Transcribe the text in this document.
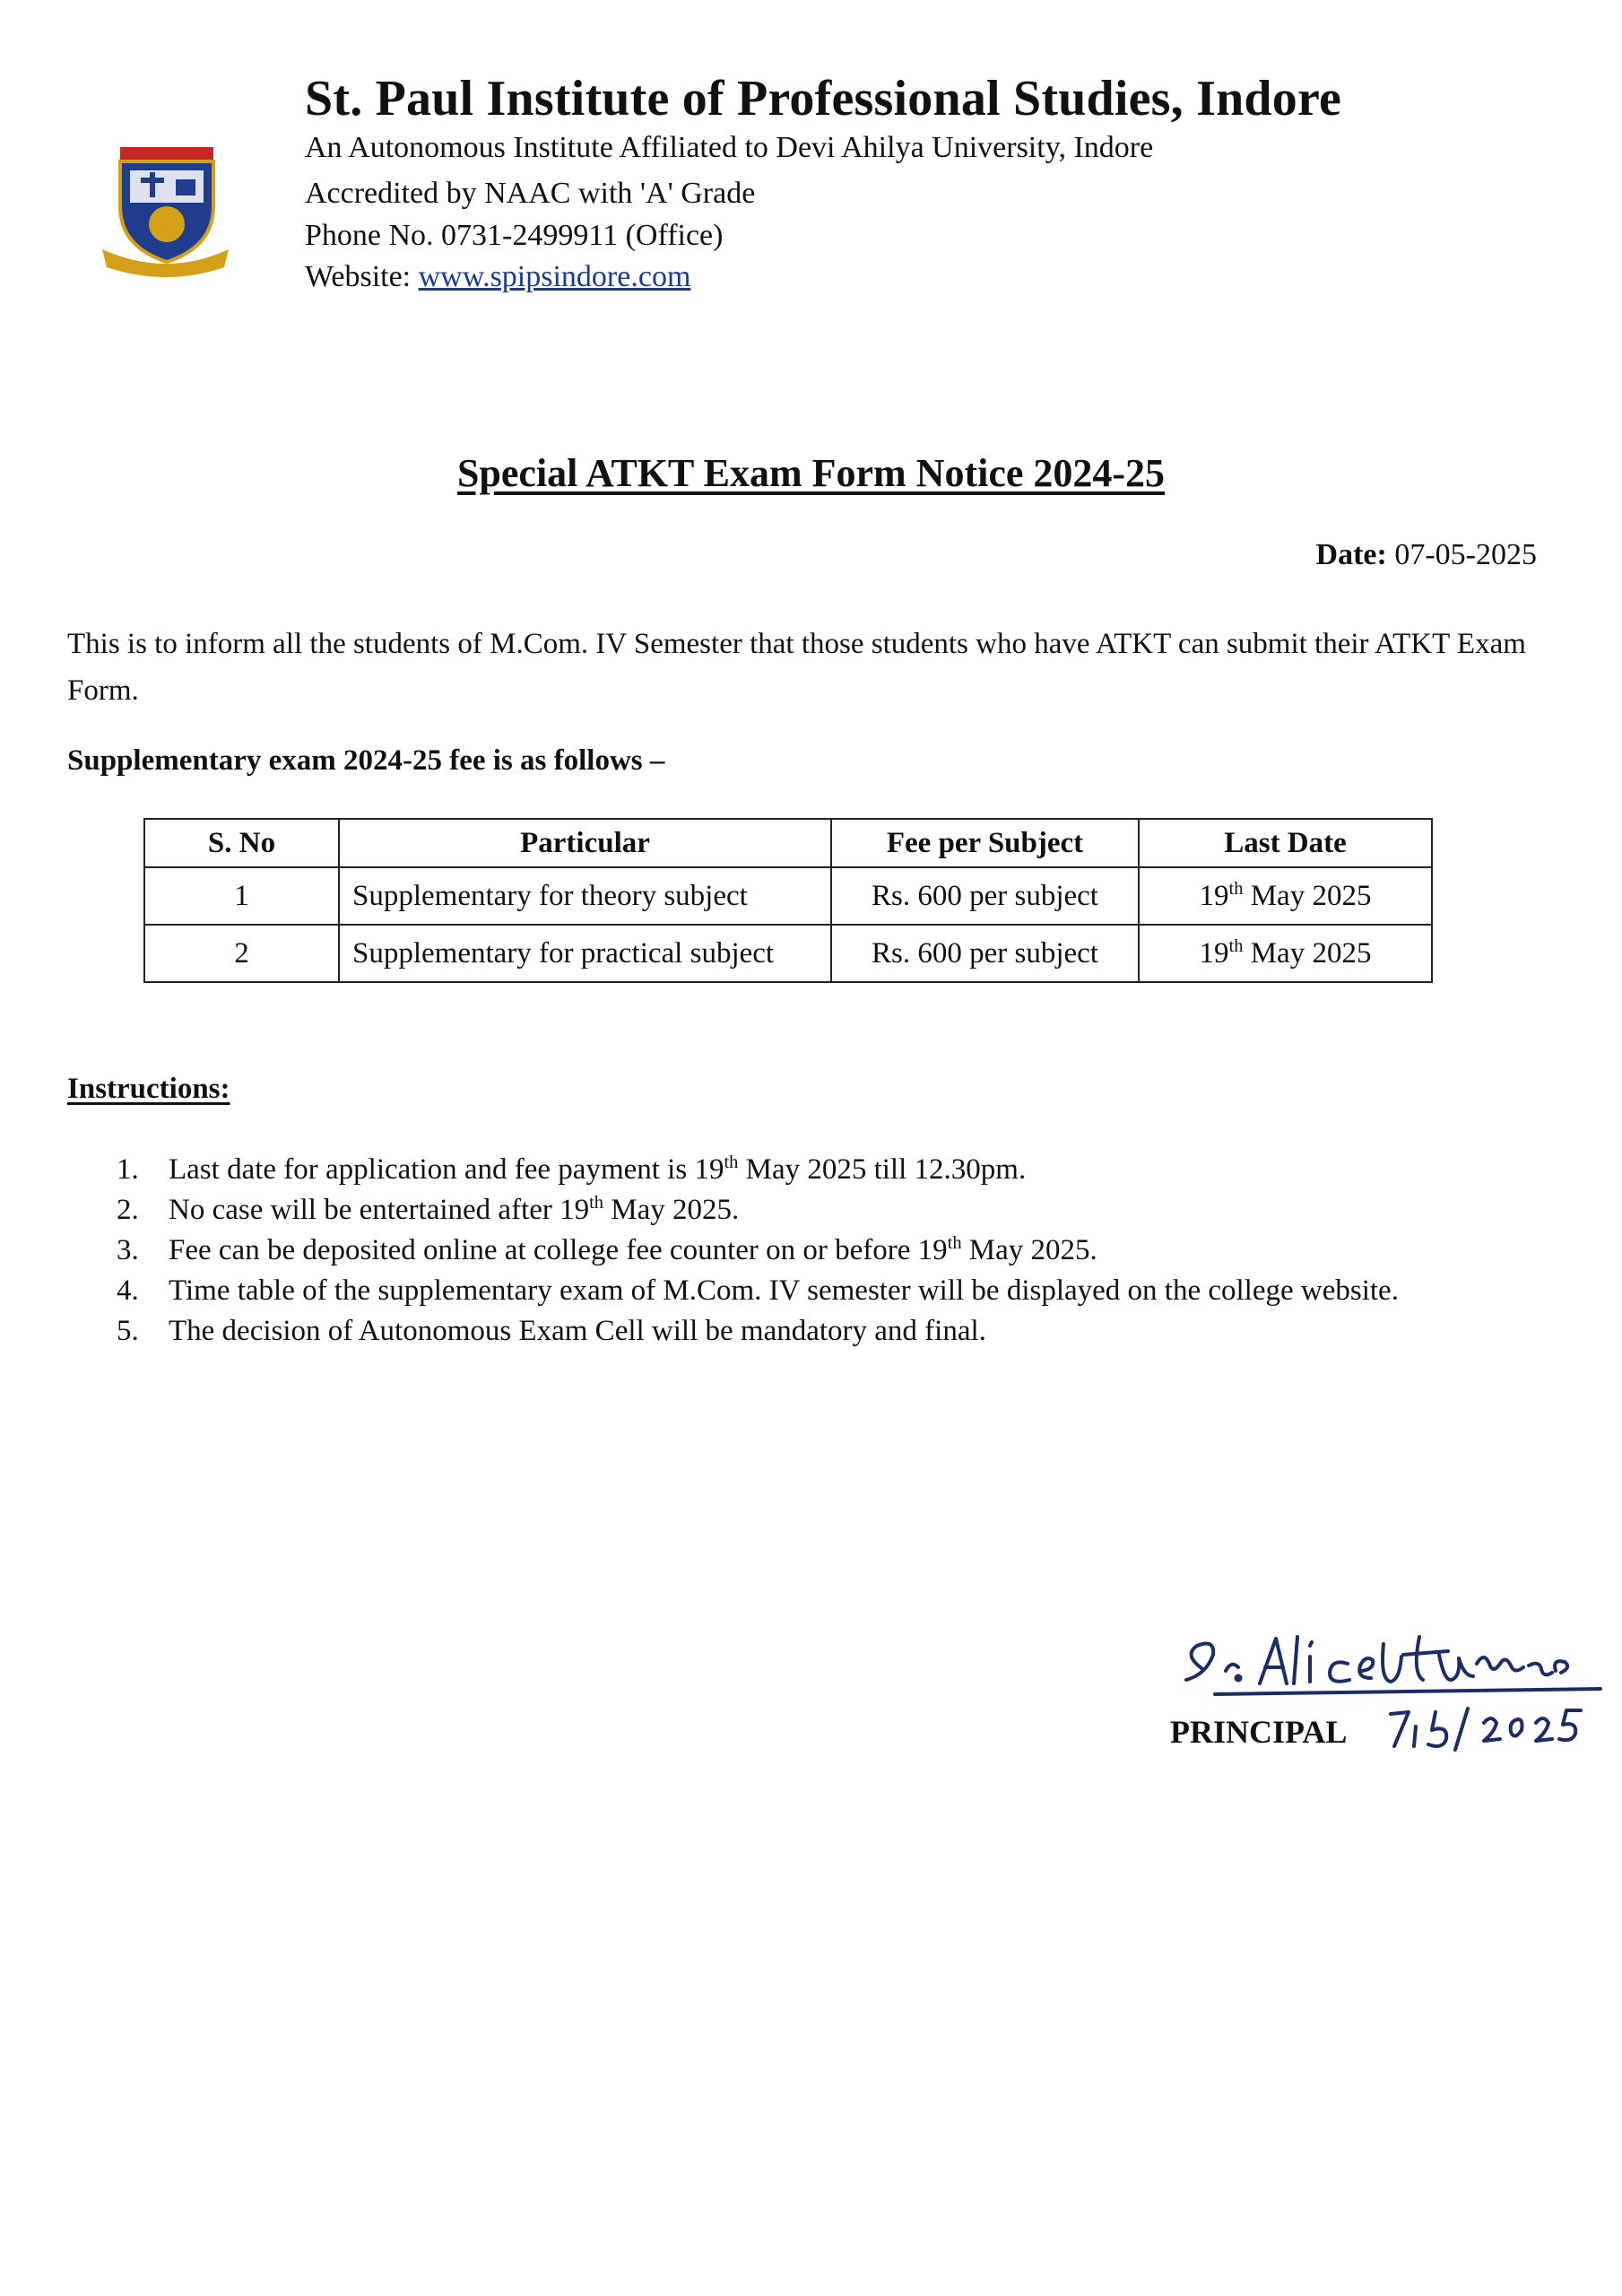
St. Paul Institute of Professional Studies, Indore
An Autonomous Institute Affiliated to Devi Ahilya University, Indore
Accredited by NAAC with 'A' Grade
Phone No. 0731-2499911 (Office)
Website: www.spipsindore.com
Special ATKT Exam Form Notice 2024-25
Date: 07-05-2025
This is to inform all the students of M.Com. IV Semester that those students who have ATKT can submit their ATKT Exam Form.
Supplementary exam 2024-25 fee is as follows –
S. No	Particular	Fee per Subject	Last Date
1	Supplementary for theory subject	Rs. 600 per subject	19th May 2025
2	Supplementary for practical subject	Rs. 600 per subject	19th May 2025
Instructions:
1. Last date for application and fee payment is 19th May 2025 till 12.30pm.
2. No case will be entertained after 19th May 2025.
3. Fee can be deposited online at college fee counter on or before 19th May 2025.
4. Time table of the supplementary exam of M.Com. IV semester will be displayed on the college website.
5. The decision of Autonomous Exam Cell will be mandatory and final.
PRINCIPAL
